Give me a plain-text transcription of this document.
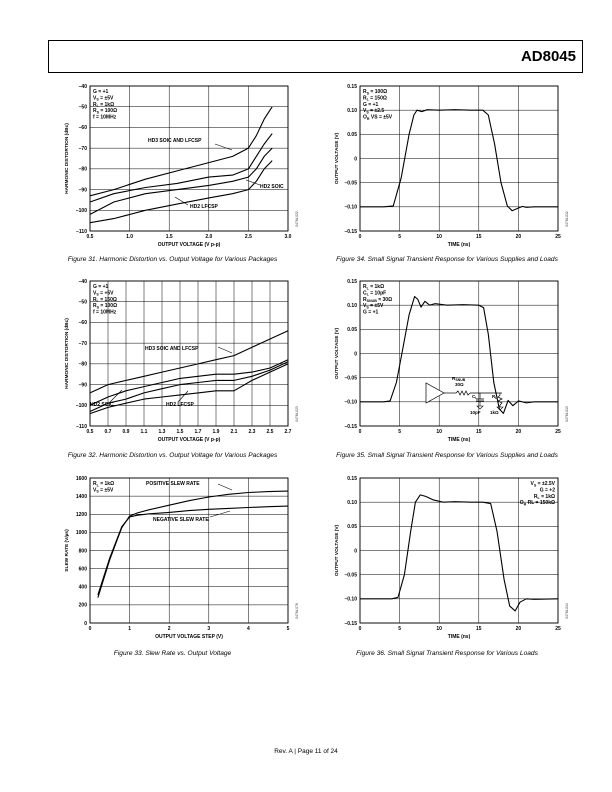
AD8045
0.5	1.0	1.5	2.0	2.5	3.0
–40
–50
–60
–70
–80
–90
–100
–110
OUTPUT VOLTAGE (V p-p)
HARMONIC DISTORTION (dBc)
G = +1
$V_S = \pm 5V$
$R_L = 1k\Omega$
$R_S = 100\Omega$
f = 10MHz
HD3 SOIC AND LFCSP
HD2 SOIC
HD2 LFCSP
04764-022
0.5 0.7 0.9 1.1 1.3 1.5 1.7 1.9 2.1 2.3 2.5 2.7
–40
–50
–60
–70
–80
–90
–100
–110
OUTPUT VOLTAGE (V p-p)
HARMONIC DISTORTION (dBc)
G = +1
$V_S = +5V$
$R_L = 150\Omega$
$R_S = 100\Omega$
f = 10MHz
HD3 SOIC AND LFCSP
HD2 SOIC	HD2 LFCSP
04764-023
0	1	2	3	4	5
0
200
400
600
800
1000
1200
1400
1600
OUTPUT VOLTAGE STEP (V)
SLEW RATE (V/µs)
$R_L = 1k\Omega$
$V_S = \pm 5V$
POSITIVE SLEW RATE
NEGATIVE SLEW RATE
04764-078
0	5	10	15	20	25
0.15
0.10
0.05
0
–0.05
–0.10
–0.15
TIME (ns)
OUTPUT VOLTAGE (V)
$R_S = 100\Omega$
$R_L = 150\Omega$
G = +1
$V_S = \pm 2.5$
$O_R$ VS = ±5V
04764-012
0	5	10	15	20	25
0.15
0.10
0.05
0
–0.05
–0.10
–0.15
TIME (ns)
OUTPUT VOLTAGE (V)
$R_L = 1k\Omega$
$C_L = 10pF$
$R_{SNUB} = 30\Omega$
$V_S = \pm 5V$
G = +1
04764-013
$R_{SNUB}$
30Ω
$C_L$
10pF
$R_L$
1kΩ
0	5	10	15	20	25
0.15
0.10
0.05
0
–0.05
–0.10
–0.15
TIME (ns)
OUTPUT VOLTAGE (V)
$V_S = \pm 2.5V$
G = +2
$R_L = 1k\Omega$
$O_R$ RL = 150kΩ
04764-014
Figure 31. Harmonic Distortion vs. Output Voltage for Various Packages
Figure 32. Harmonic Distortion vs. Output Voltage for Various Packages
Figure 33. Slew Rate vs. Output Voltage
Figure 34. Small Signal Transient Response for Various Supplies and Loads
Figure 35. Small Signal Transient Response for Various Supplies and Loads
Figure 36. Small Signal Transient Response for Various Loads
Rev. A | Page 11 of 24
